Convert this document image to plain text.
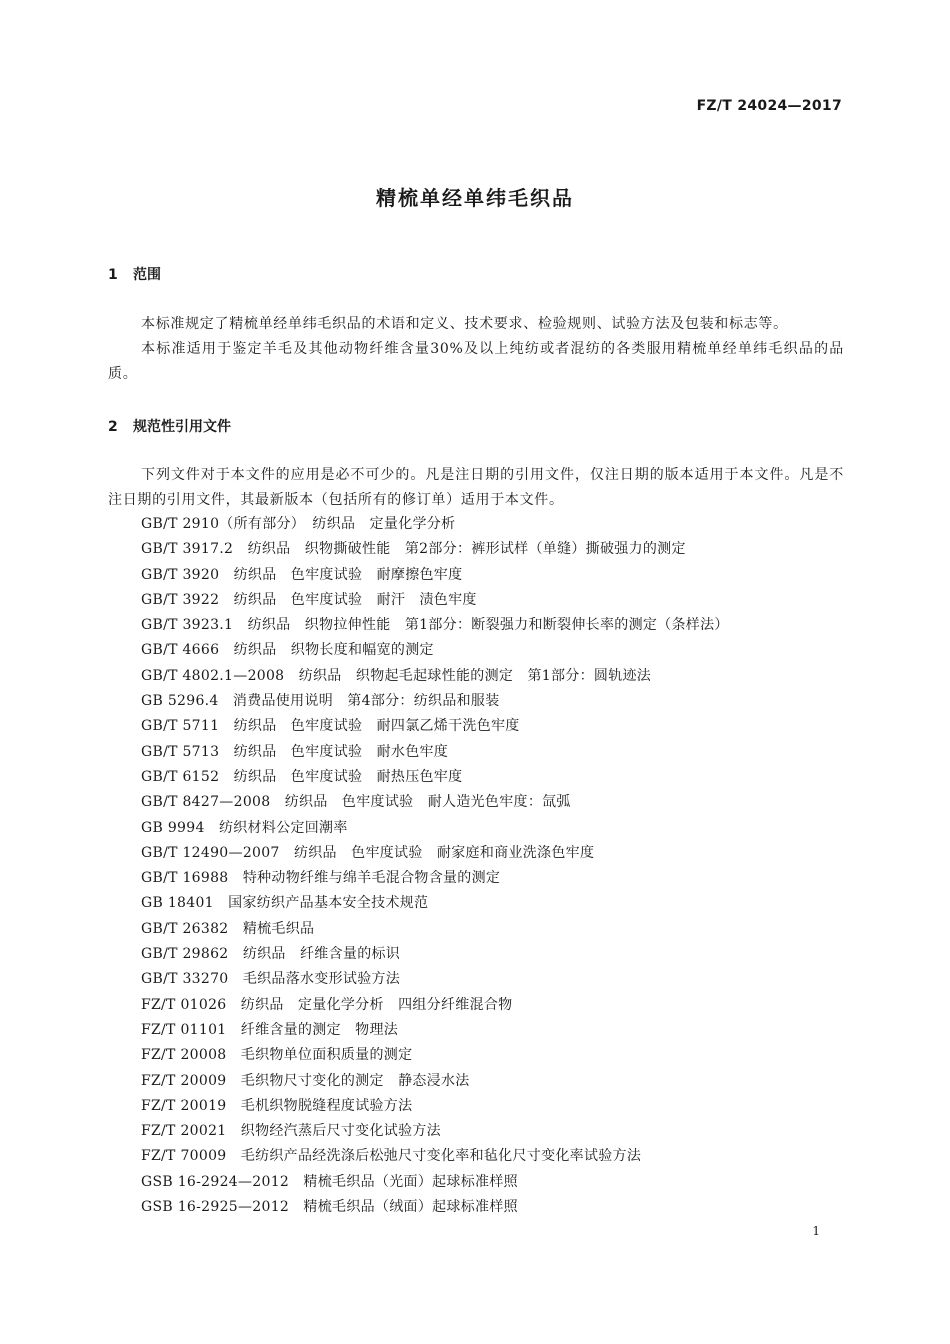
FZ/T 24024—2017
精梳单经单纬毛织品
1 范围
本标准规定了精梳单经单纬毛织品的术语和定义、技术要求、检验规则、试验方法及包装和标志等。
本标准适用于鉴定羊毛及其他动物纤维含量30%及以上纯纺或者混纺的各类服用精梳单经单纬毛织品的品质。
2 规范性引用文件
下列文件对于本文件的应用是必不可少的。凡是注日期的引用文件，仅注日期的版本适用于本文件。凡是不注日期的引用文件，其最新版本（包括所有的修订单）适用于本文件。
GB/T 2910（所有部分）　纺织品　定量化学分析
GB/T 3917.2　纺织品　织物撕破性能　第2部分：裤形试样（单缝）撕破强力的测定
GB/T 3920　纺织品　色牢度试验　耐摩擦色牢度
GB/T 3922　纺织品　色牢度试验　耐汗　渍色牢度
GB/T 3923.1　纺织品　织物拉伸性能　第1部分：断裂强力和断裂伸长率的测定（条样法）
GB/T 4666　纺织品　织物长度和幅宽的测定
GB/T 4802.1—2008　纺织品　织物起毛起球性能的测定　第1部分：圆轨迹法
GB 5296.4　消费品使用说明　第4部分：纺织品和服装
GB/T 5711　纺织品　色牢度试验　耐四氯乙烯干洗色牢度
GB/T 5713　纺织品　色牢度试验　耐水色牢度
GB/T 6152　纺织品　色牢度试验　耐热压色牢度
GB/T 8427—2008　纺织品　色牢度试验　耐人造光色牢度：氙弧
GB 9994　纺织材料公定回潮率
GB/T 12490—2007　纺织品　色牢度试验　耐家庭和商业洗涤色牢度
GB/T 16988　特种动物纤维与绵羊毛混合物含量的测定
GB 18401　国家纺织产品基本安全技术规范
GB/T 26382　精梳毛织品
GB/T 29862　纺织品　纤维含量的标识
GB/T 33270　毛织品落水变形试验方法
FZ/T 01026　纺织品　定量化学分析　四组分纤维混合物
FZ/T 01101　纤维含量的测定　物理法
FZ/T 20008　毛织物单位面积质量的测定
FZ/T 20009　毛织物尺寸变化的测定　静态浸水法
FZ/T 20019　毛机织物脱缝程度试验方法
FZ/T 20021　织物经汽蒸后尺寸变化试验方法
FZ/T 70009　毛纺织产品经洗涤后松弛尺寸变化率和毡化尺寸变化率试验方法
GSB 16-2924—2012　精梳毛织品（光面）起球标准样照
GSB 16-2925—2012　精梳毛织品（绒面）起球标准样照
1
